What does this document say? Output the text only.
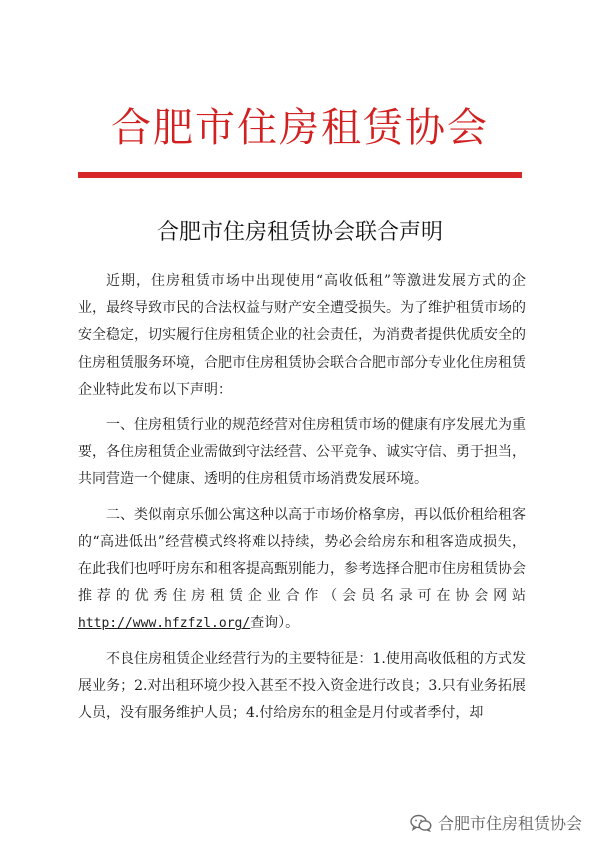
合肥市住房租赁协会
合肥市住房租赁协会联合声明

近期，住房租赁市场中出现使用“高收低租”等激进发展方式的企业，最终导致市民的合法权益与财产安全遭受损失。为了维护租赁市场的安全稳定，切实履行住房租赁企业的社会责任，为消费者提供优质安全的住房租赁服务环境，合肥市住房租赁协会联合合肥市部分专业化住房租赁企业特此发布以下声明：

一、住房租赁行业的规范经营对住房租赁市场的健康有序发展尤为重要，各住房租赁企业需做到守法经营、公平竞争、诚实守信、勇于担当，共同营造一个健康、透明的住房租赁市场消费发展环境。

二、类似南京乐伽公寓这种以高于市场价格拿房，再以低价租给租客的“高进低出”经营模式终将难以持续，势必会给房东和租客造成损失，在此我们也呼吁房东和租客提高甄别能力，参考选择合肥市住房租赁协会推荐的优秀住房租赁企业合作（会员名录可在协会网站http://www.hfzfzl.org/查询）。

不良住房租赁企业经营行为的主要特征是：1.使用高收低租的方式发展业务；2.对出租环境少投入甚至不投入资金进行改良；3.只有业务拓展人员，没有服务维护人员；4.付给房东的租金是月付或者季付，却

合肥市住房租赁协会
